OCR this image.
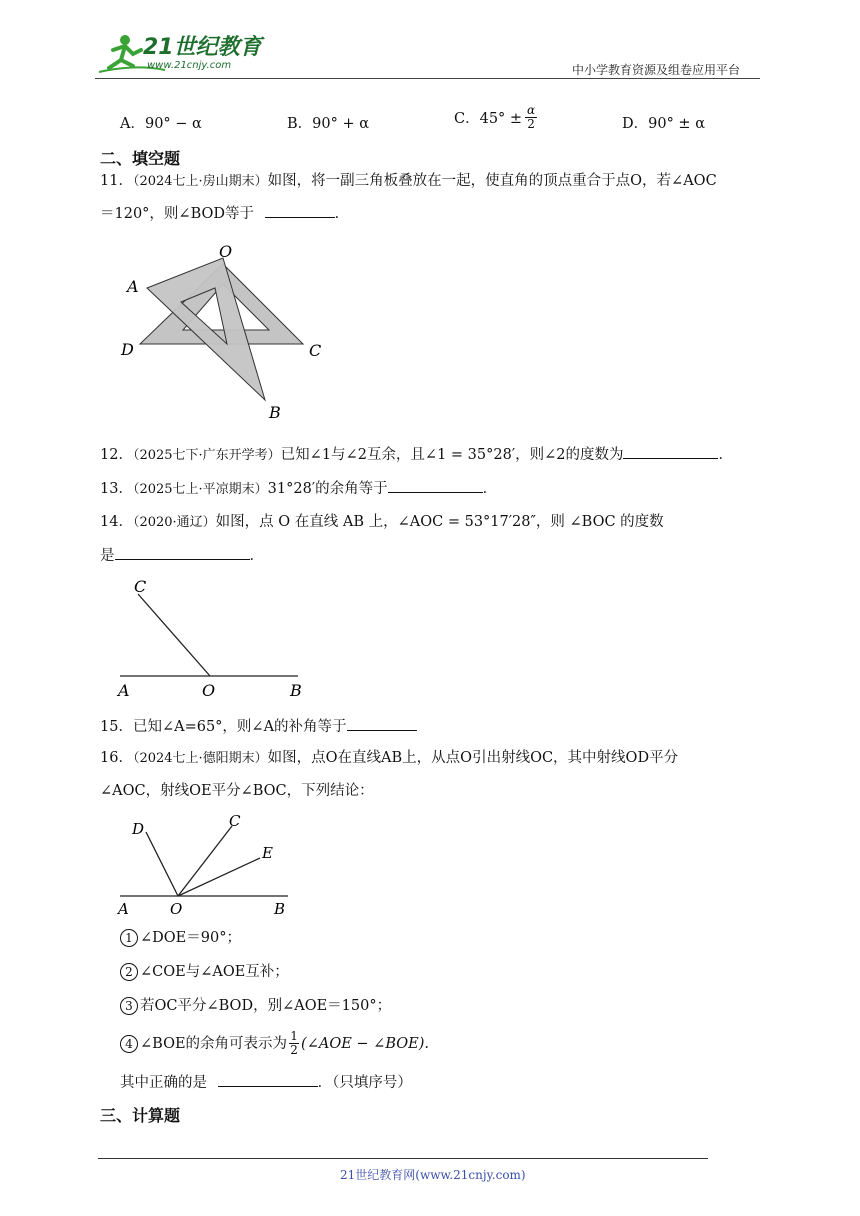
21世纪教育
www.21cnjy.com	中小学教育资源及组卷应用平台
A．90° − α	B．90° + α	C．45° ±
α
2	D．90° ± α
二、填空题
11．（2024七上·房山期末）如图，将一副三角板叠放在一起，使直角的顶点重合于点O，若∠AOC
＝120°，则∠BOD等于	．
O
A
D	C
B
12．（2025七下·广东开学考）已知∠1与∠2互余，且∠1 = 35°28′，则∠2的度数为	．
13．（2025七上·平凉期末）31°28′的余角等于	．
14．（2020·通辽）如图，点 O 在直线 AB 上，∠AOC = 53°17′28″，则 ∠BOC 的度数
是	．
C
A	O	B
15．已知∠A=65°，则∠A的补角等于
16．（2024七上·德阳期末）如图，点O在直线AB上，从点O引出射线OC，其中射线OD平分
∠AOC，射线OE平分∠BOC，下列结论：
D	C
E
A	O	B
1 ∠DOE＝90°；
2 ∠COE与∠AOE互补；
3 若OC平分∠BOD，别∠AOE＝150°；
4 ∠BOE的余角可表示为 1
2 (∠AOE − ∠BOE).
其中正确的是	．（只填序号）
三、计算题
21世纪教育网(www.21cnjy.com)
